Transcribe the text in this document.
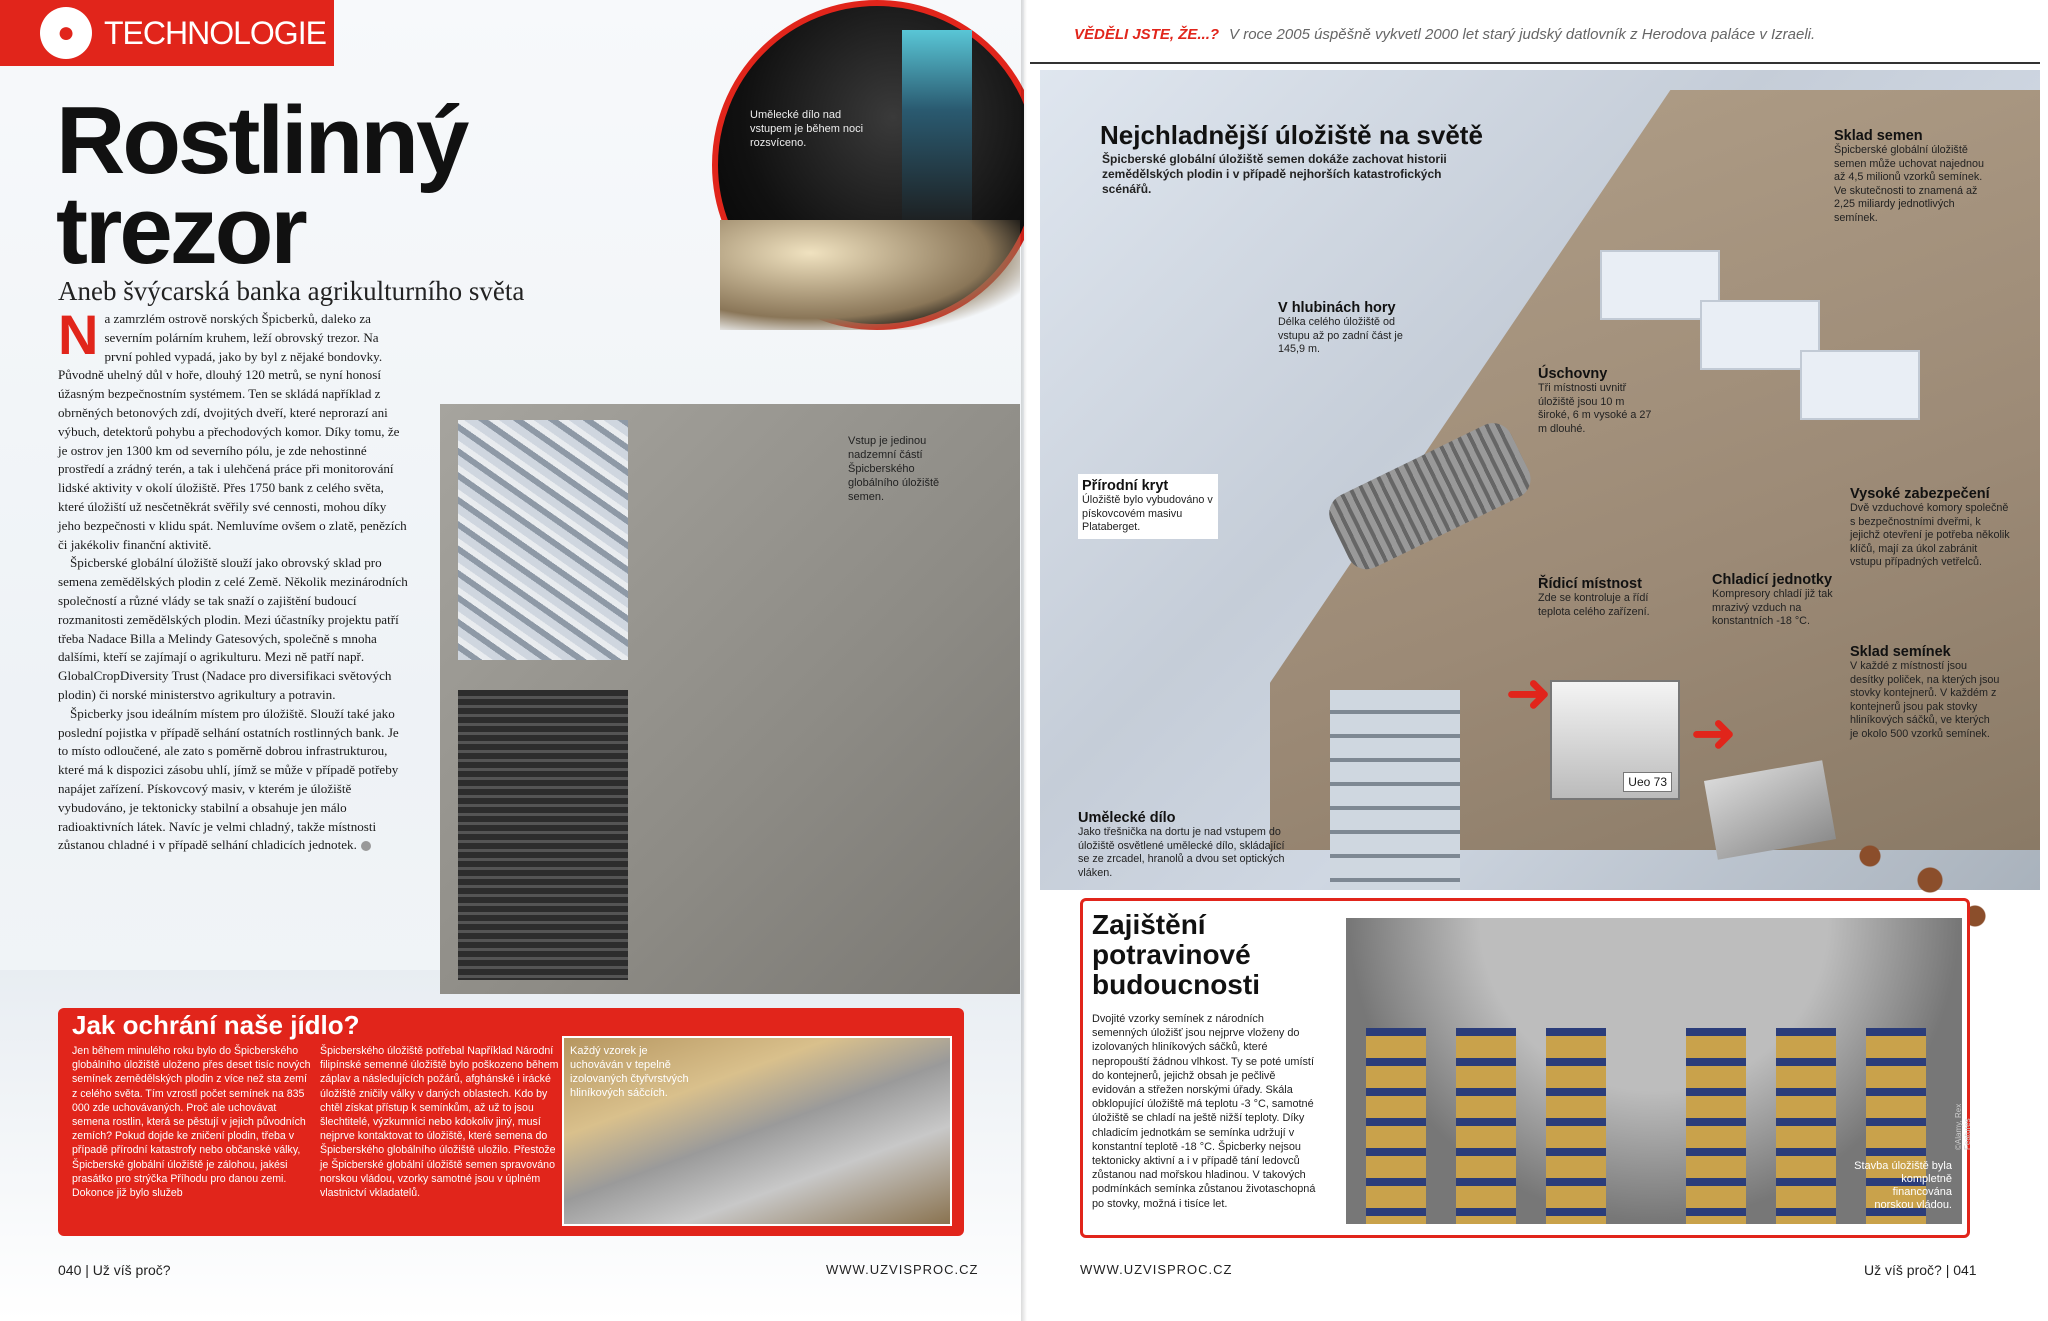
● TECHNOLOGIE
Rostlinný
trezor
Aneb švýcarská banka agrikulturního světa

Na zamrzlém ostrově norských Špicberků, daleko za severním polárním kruhem, leží obrovský trezor. Na první pohled vypadá, jako by byl z nějaké bondovky. Původně uhelný důl v hoře, dlouhý 120 metrů, se nyní honosí úžasným bezpečnostním systémem. Ten se skládá například z obrněných betonových zdí, dvojitých dveří, které neprorazí ani výbuch, detektorů pohybu a přechodových komor. Díky tomu, že je ostrov jen 1300 km od severního pólu, je zde nehostinné prostředí a zrádný terén, a tak i ulehčená práce při monitorování lidské aktivity v okolí úložiště. Přes 1750 bank z celého světa, které úložiští už nesčetněkrát svěřily své cennosti, mohou díky jeho bezpečnosti v klidu spát. Nemluvíme ovšem o zlatě, penězích či jakékoliv finanční aktivitě.

Špicberské globální úložiště slouží jako obrovský sklad pro semena zemědělských plodin z celé Země. Několik mezinárodních společností a různé vlády se tak snaží o zajištění budoucí rozmanitosti zemědělských plodin. Mezi účastníky projektu patří třeba Nadace Billa a Melindy Gatesových, společně s mnoha dalšími, kteří se zajímají o agrikulturu. Mezi ně patří např. GlobalCropDiversity Trust (Nadace pro diversifikaci světových plodin) či norské ministerstvo agrikultury a potravin.

Špicberky jsou ideálním místem pro úložiště. Slouží také jako poslední pojistka v případě selhání ostatních rostlinných bank. Je to místo odloučené, ale zato s poměrně dobrou infrastrukturou, které má k dispozici zásobu uhlí, jímž se může v případě potřeby napájet zařízení. Pískovcový masiv, v kterém je úložiště vybudováno, je tektonicky stabilní a obsahuje jen málo radioaktivních látek. Navíc je velmi chladný, takže místnosti zůstanou chladné i v případě selhání chladicích jednotek.

Umělecké dílo nad vstupem je během noci rozsvíceno.
Vstup je jedinou nadzemní částí Špicberského globálního úložiště semen.
Jak ochrání naše jídlo?
Jen během minulého roku bylo do Špicberského globálního úložiště uloženo přes deset tisíc nových semínek zemědělských plodin z více než sta zemí z celého světa. Tím vzrostl počet semínek na 835 000 zde uchovávaných. Proč ale uchovávat semena rostlin, která se pěstují v jejich původních zemích? Pokud dojde ke zničení plodin, třeba v případě přírodní katastrofy nebo občanské války, Špicberské globální úložiště je zálohou, jakési prasátko pro strýčka Příhodu pro danou zemi. Dokonce již bylo služeb
Špicberského úložiště potřebal Například Národní filipínské semenné úložiště bylo poškozeno během záplav a následujících požárů, afghánské i irácké úložiště zničily války v daných oblastech. Kdo by chtěl získat přístup k semínkům, až už to jsou šlechtitelé, výzkumníci nebo kdokoliv jiný, musí nejprve kontaktovat to úložiště, které semena do Špicberského globálního úložiště uložilo. Přestože je Špicberské globální úložiště semen spravováno norskou vládou, vzorky samotné jsou v úplném vlastnictví vkladatelů.
Každý vzorek je uchováván v tepelně izolovaných čtyřvrstvých hliníkových sáčcích.
040 | Už víš proč?	WWW.UZVISPROC.CZ
VĚDĚLI JSTE, ŽE...? V roce 2005 úspěšně vykvetl 2000 let starý judský datlovník z Herodova paláce v Izraeli.
Ueo 73
➜
➜
Nejchladnější úložiště na světě
Špicberské globální úložiště semen dokáže zachovat historii zemědělských plodin i v případě nejhorších katastrofických scénářů.
Sklad semen
Špicberské globální úložiště semen může uchovat najednou až 4,5 milionů vzorků semínek. Ve skutečnosti to znamená až 2,25 miliardy jednotlivých semínek.
V hlubinách hory
Délka celého úložiště od vstupu až po zadní část je 145,9 m.
Úschovny
Tři místnosti uvnitř úložiště jsou 10 m široké, 6 m vysoké a 27 m dlouhé.
Přírodní kryt
Úložiště bylo vybudováno v pískovcovém masivu Plataberget.
Vysoké zabezpečení
Dvě vzduchové komory společně s bezpečnostními dveřmi, k jejichž otevření je potřeba několik klíčů, mají za úkol zabránit vstupu případných vetřelců.
Řídicí místnost
Zde se kontroluje a řídí teplota celého zařízení.
Chladicí jednotky
Kompresory chladí již tak mrazivý vzduch na konstantních -18 °C.
Sklad semínek
V každé z místností jsou desítky poliček, na kterých jsou stovky kontejnerů. V každém z kontejnerů jsou pak stovky hliníkových sáčků, ve kterých je okolo 500 vzorků semínek.
Umělecké dílo
Jako třešnička na dortu je nad vstupem do úložiště osvětlené umělecké dílo, skládající se ze zrcadel, hranolů a dvou set optických vláken.
Zajištění potravinové budoucnosti
Dvojité vzorky semínek z národních semenných úložišť jsou nejprve vloženy do izolovaných hliníkových sáčků, které nepropouští žádnou vlhkost. Ty se poté umístí do kontejnerů, jejichž obsah je pečlivě evidován a střežen norskými úřady. Skála obklopující úložiště má teplotu -3 °C, samotné úložiště se chladí na ještě nižší teploty. Díky chladicím jednotkám se semínka udržují v konstantní teplotě -18 °C. Špicberky nejsou tektonicky aktivní a i v případě tání ledovců zůstanou nad mořskou hladinou. V takových podmínkách semínka zůstanou životaschopná po stovky, možná i tisíce let.
Stavba úložiště byla kompletně financována norskou vládou.
©Alamy, Rex Features
WWW.UZVISPROC.CZ	Už víš proč? | 041
